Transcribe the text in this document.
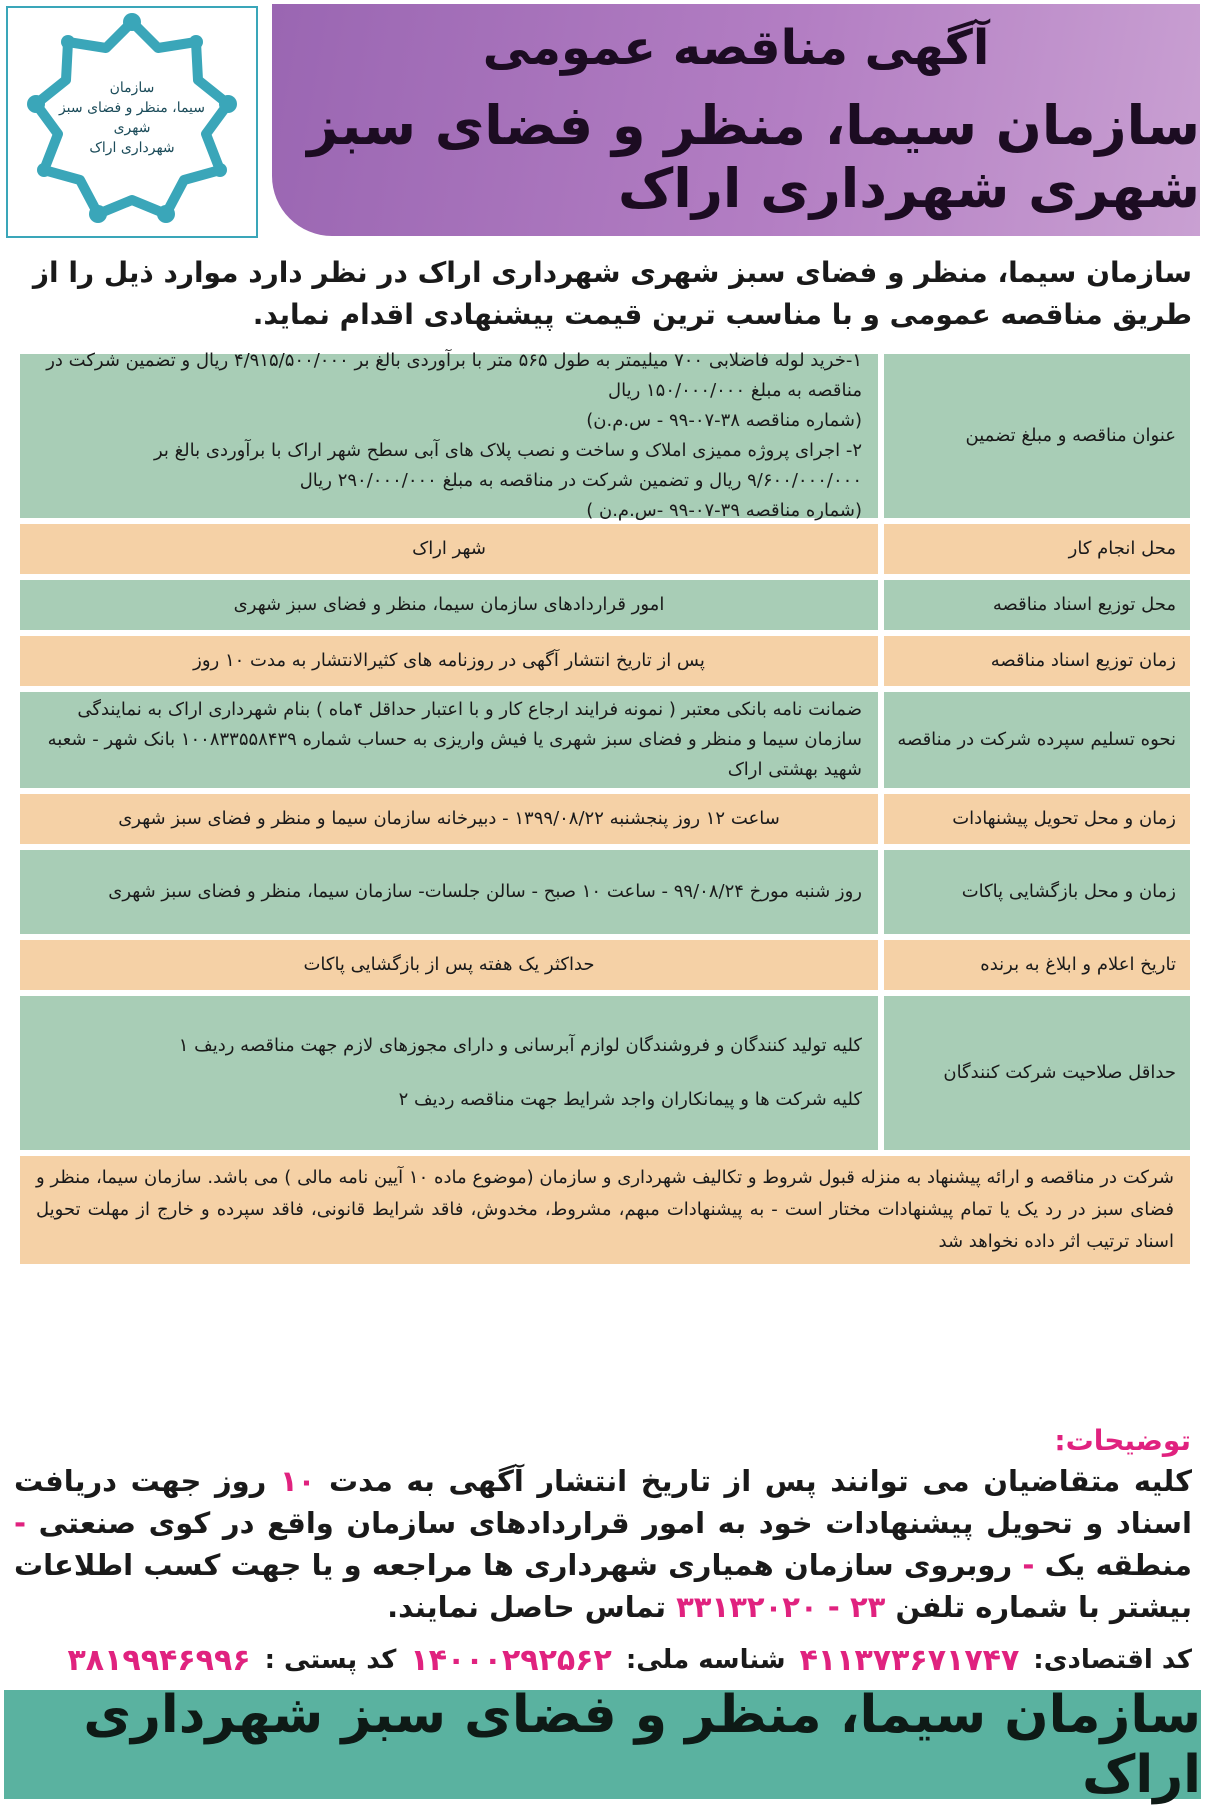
سازمان
سیما، منظر و فضای سبز شهری
شهرداری اراک
آگهی مناقصه عمومی
سازمان سیما، منظر و فضای سبز شهری شهرداری اراک
سازمان سیما، منظر و فضای سبز شهری شهرداری اراک در نظر دارد موارد ذیل را از طریق مناقصه عمومی و با مناسب ترین قیمت پیشنهادی اقدام نماید.
عنوان مناقصه و مبلغ تضمین

۱-خرید لوله فاضلابی ۷۰۰ میلیمتر به طول ۵۶۵ متر با برآوردی بالغ بر ۴/۹۱۵/۵۰۰/۰۰۰ ریال و تضمین شرکت در مناقصه به مبلغ ۱۵۰/۰۰۰/۰۰۰ ریال

(شماره مناقصه ۳۸-۰۷-۹۹ - س.م.ن)

۲- اجرای پروژه ممیزی املاک و ساخت و نصب پلاک های آبی سطح شهر اراک با برآوردی بالغ بر ۹/۶۰۰/۰۰۰/۰۰۰ ریال و تضمین شرکت در مناقصه به مبلغ ۲۹۰/۰۰۰/۰۰۰ ریال

(شماره مناقصه ۳۹-۰۷-۹۹ -س.م.ن )

محل انجام کار
شهر اراک
محل توزیع اسناد مناقصه
امور قراردادهای سازمان سیما، منظر و فضای سبز شهری
زمان توزیع اسناد مناقصه
پس از تاریخ انتشار آگهی در روزنامه های کثیرالانتشار به مدت ۱۰ روز
نحوه تسلیم سپرده شرکت در مناقصه
ضمانت نامه بانکی معتبر ( نمونه فرایند ارجاع کار و با اعتبار حداقل ۴ماه ) بنام شهرداری اراک به نمایندگی سازمان سیما و منظر و فضای سبز شهری یا فیش واریزی به حساب شماره ۱۰۰۸۳۳۵۵۸۴۳۹ بانک شهر - شعبه شهید بهشتی اراک
زمان و محل تحویل پیشنهادات
ساعت ۱۲ روز پنجشنبه ۱۳۹۹/۰۸/۲۲ - دبیرخانه سازمان سیما و منظر و فضای سبز شهری
زمان و محل بازگشایی پاکات
روز شنبه مورخ ۹۹/۰۸/۲۴ - ساعت ۱۰ صبح - سالن جلسات- سازمان سیما، منظر و فضای سبز شهری
تاریخ اعلام و ابلاغ به برنده
حداکثر یک هفته پس از بازگشایی پاکات
حداقل صلاحیت شرکت کنندگان

کلیه تولید کنندگان و فروشندگان لوازم آبرسانی و دارای مجوزهای لازم جهت مناقصه ردیف ۱

کلیه شرکت ها و پیمانکاران واجد شرایط جهت مناقصه ردیف ۲

شرکت در مناقصه و ارائه پیشنهاد به منزله قبول شروط و تکالیف شهرداری و سازمان (موضوع ماده ۱۰ آیین نامه مالی ) می باشد. سازمان سیما، منظر و فضای سبز در رد یک یا تمام پیشنهادات مختار است - به پیشنهادات مبهم، مشروط، مخدوش، فاقد شرایط قانونی، فاقد سپرده و خارج از مهلت تحویل اسناد ترتیب اثر داده نخواهد شد
توضیحات:
کلیه متقاضیان می توانند پس از تاریخ انتشار آگهی به مدت ۱۰ روز جهت دریافت اسناد و تحویل پیشنهادات خود به امور قراردادهای سازمان واقع در کوی صنعتی - منطقه یک - روبروی سازمان همیاری شهرداری ها مراجعه و یا جهت کسب اطلاعات بیشتر با شماره تلفن ۲۳ - ۳۳۱۳۲۰۲۰ تماس حاصل نمایند.
کد اقتصادی:
۴۱۱۳۷۳۶۷۱۷۴۷
شناسه ملی:
۱۴۰۰۰۲۹۲۵۶۲
کد پستی :
۳۸۱۹۹۴۶۹۹۶
سازمان سیما، منظر و فضای سبز شهرداری اراک
